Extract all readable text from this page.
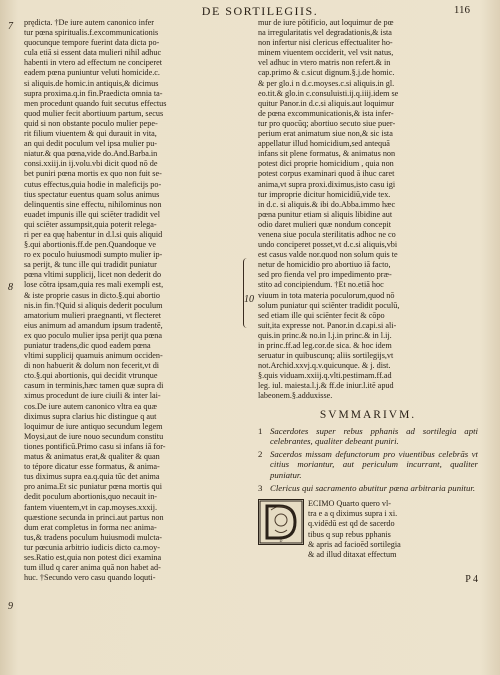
DE SORTILEGIIS.	116
7
8
9
10
prędicta. †De iure autem canonico infer
tur pœna spiritualis.f.excommunicationis
quocunque tempore fuerint data dicta po-
cula etiā si essent data mulieri nihil adhuc
habenti in vtero ad effectum ne conciperet
eadem pœna puniuntur veluti homicide.c.
si aliquis.de homic.in antiquis,& dicimus
supra proxima.q.in fin.Praedicta omnia ta-
men procedunt quando fuit secutus effectus
quod mulier fecit abortiuum partum, secus
quid si non obstante poculo mulier pepe-
rit filium viuentem & qui durauit in vita,
an qui dedit poculum vel ipsa mulier pu-
niatur.& qua pœna,vide do.And.Barba.in
consi.xxiij.in ij.volu.vbi dicit quod nō de
bet puniri pœna mortis ex quo non fuit se-
cutus effectus,quia hodie in maleficijs po-
tius spectatur euentus quam solus animus
delinquentis sine effectu, nihilominus non
euadet impunis ille qui sciēter tradidit vel
qui sciēter assumpsit,quia poterit relega-
ri per ea quę habentur in d.l.si quis aliquid
§.qui abortionis.ff.de pen.Quandoque ve
ro ex poculo huiusmodi sumpto mulier ip-
sa perijt, & tunc ille qui tradidit puniatur
pœna vltimi supplicij, licet non dederit do
lose cōtra ipsam,quia res mali exempli est,
& iste proprie casus in dicto.§.qui abortio
nis.in fin.†Quid si aliquis dederit poculum
amatorium mulieri praegnanti, vt flecteret
eius animum ad amandum ipsum tradentē,
ex quo poculo mulier ipsa perijt qua pœna
puniatur tradens,dic quod eadem pœna
vltimi supplicij quamuis animum occiden-
di non habuerit & dolum non fecerit,vt di
cto.§.qui abortionis, qui decidit vtrunque
casum in terminis,hæc tamen quæ supra di
ximus procedunt de iure ciuili & inter lai-
cos.De iure autem canonico vltra ea quæ
diximus supra clarius hic distingue q aut
loquimur de iure antiquo secundum legem
Moysi,aut de iure nouo secundum constitu
tiones pontificū.Primo casu si infans iā for-
matus & animatus erat,& qualiter & quan
to tépore dicatur esse formatus, & anima-
tus diximus supra ea.q.quia tūc det anima
pro anima.Et sic puniatur pœna mortis qui
dedit poculum abortionis,quo necauit in-
fantem viuentem,vt in cap.moyses.xxxij.
quæstione secunda in princi.aut partus non
dum erat completus in forma nec anima-
tus,& tradens poculum huiusmodi mulcta-
tur pœcunia arbitrio iudicis dicto ca.moy-
ses.Ratio est,quia non potest dici examina
tum illud q carer anima quā non habet ad-
huc. †Secundo vero casu quando loquti-
mur de iure pōtificio, aut loquimur de pœ
na irregularitatis vel degradationis,& ista
non infertur nisi clericus effectualiter ho-
minem viuentem occiderit, vel vsit natus,
vel adhuc in vtero matris non refert.& in
cap.primo & c.sicut dignum.§.j.de homic.
& per glo.i n d.c.moyses.c.si aliquis.in gl.
eo.tit.& glo.in c.consuluisti.ij.q.iiij.idem se
quitur Panor.in d.c.si aliquis.aut loquimur
de pœna excommunicationis,& ista infer-
tur pro quocūq; abortiuo secuto siue puer-
perium erat animatum siue non,& sic ista
appellatur illud homicidium,sed antequā
infans sit plene formatus, & animatus non
potest dici proprie homicidium , quia non
potest corpus examinari quod ā ihuc caret
anima,vt supra proxi.diximus,isto casu igi
tur improprie dicitur homicidiū,vide tex.
in d.c. si aliquis.& ibi do.Abba.immo hæc
pœna punitur etiam si aliquis libidine aut
odio daret mulieri quæ nondum concepit
venena siue pocula sterilitatis adhoc ne co
undo conciperet posset,vt d.c.si aliquis,vbi
est casus valde nor.quod non solum quis te
netur de homicidio pro abortiuo iā facto,
sed pro fienda vel pro impedimento præ-
stito ad concipiendum. †Et no.etiā hoc
viuum in tota materia poculorum,quod nō
solum puniatur qui sciēnter tradidit poculū,
sed etiam ille qui sciēnter fecit & cōpo
suit,ita expresse not. Panor.in d.capi.si ali-
quis.in princ.& no.in l.j.in princ.& in l.ij.
in princ.ff.ad leg.cor.de sica. & hoc idem
seruatur in quibuscunq; aliis sortilegijs,vt
not.Archid.xxvj.q.v.quicunque. & j. dist.
§.quis viduam.xxiij.q.vlti.pestimam.ff.ad
leg. iul. maiesta.l.j.& ff.de iniur.l.itē apud
labeonem.§.adduxisse.
SVMMARIVM.
1 Sacerdotes super rebus pphanis ad sortilegia apti celebrantes, qualiter debeant puniri.
2 Sacerdos missam defunctorum pro viuentibus celebrās vt citius moriantur, aut periculum incurrant, qualiter puniatur.
3 Clericus qui sacramento abutitur pœna arbitraria punitur.
D
ECIMO Quarto quero vl-
tra e a q diximus supra i xi.
q.vidēdū est qd de sacerdo
tibus q sup rebus pphanis
& apris ad facioēd sortilegia
& ad illud ditaxat effectum
P 4
